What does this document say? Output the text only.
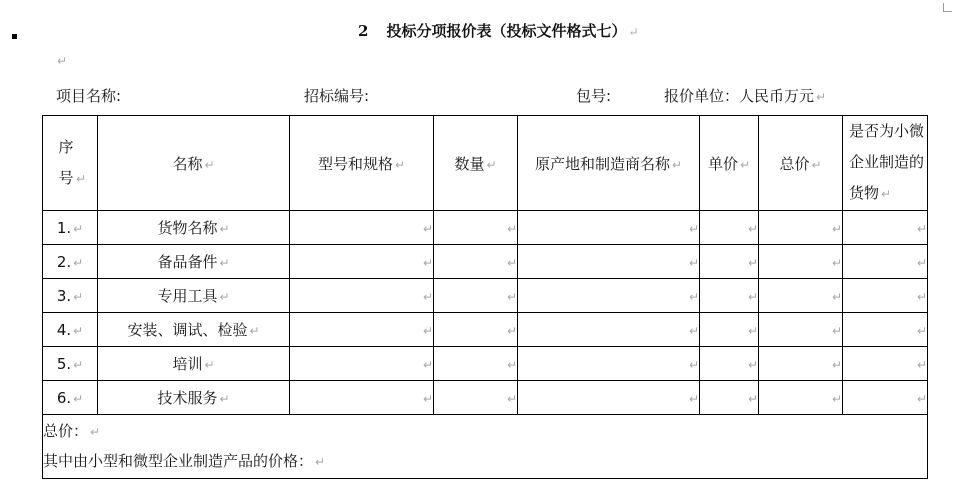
2 投标分项报价表（投标文件格式七） ↵
↵
项目名称:	招标编号:	包号:	报价单位：人民币万元 ↵
序号 ↵	名称 ↵	型号和规格 ↵	数量 ↵	原产地和制造商名称 ↵	单价 ↵	总价 ↵	是否为小微企业制造的货物 ↵
1. ↵	货物名称 ↵	↵	↵	↵	↵	↵	↵
2. ↵	备品备件 ↵	↵	↵	↵	↵	↵	↵
3. ↵	专用工具 ↵	↵	↵	↵	↵	↵	↵
4. ↵	安装、调试、检验 ↵	↵	↵	↵	↵	↵	↵
5. ↵	培训 ↵	↵	↵	↵	↵	↵	↵
6. ↵	技术服务 ↵	↵	↵	↵	↵	↵	↵

总价： ↵
其中由小型和微型企业制造产品的价格： ↵							
